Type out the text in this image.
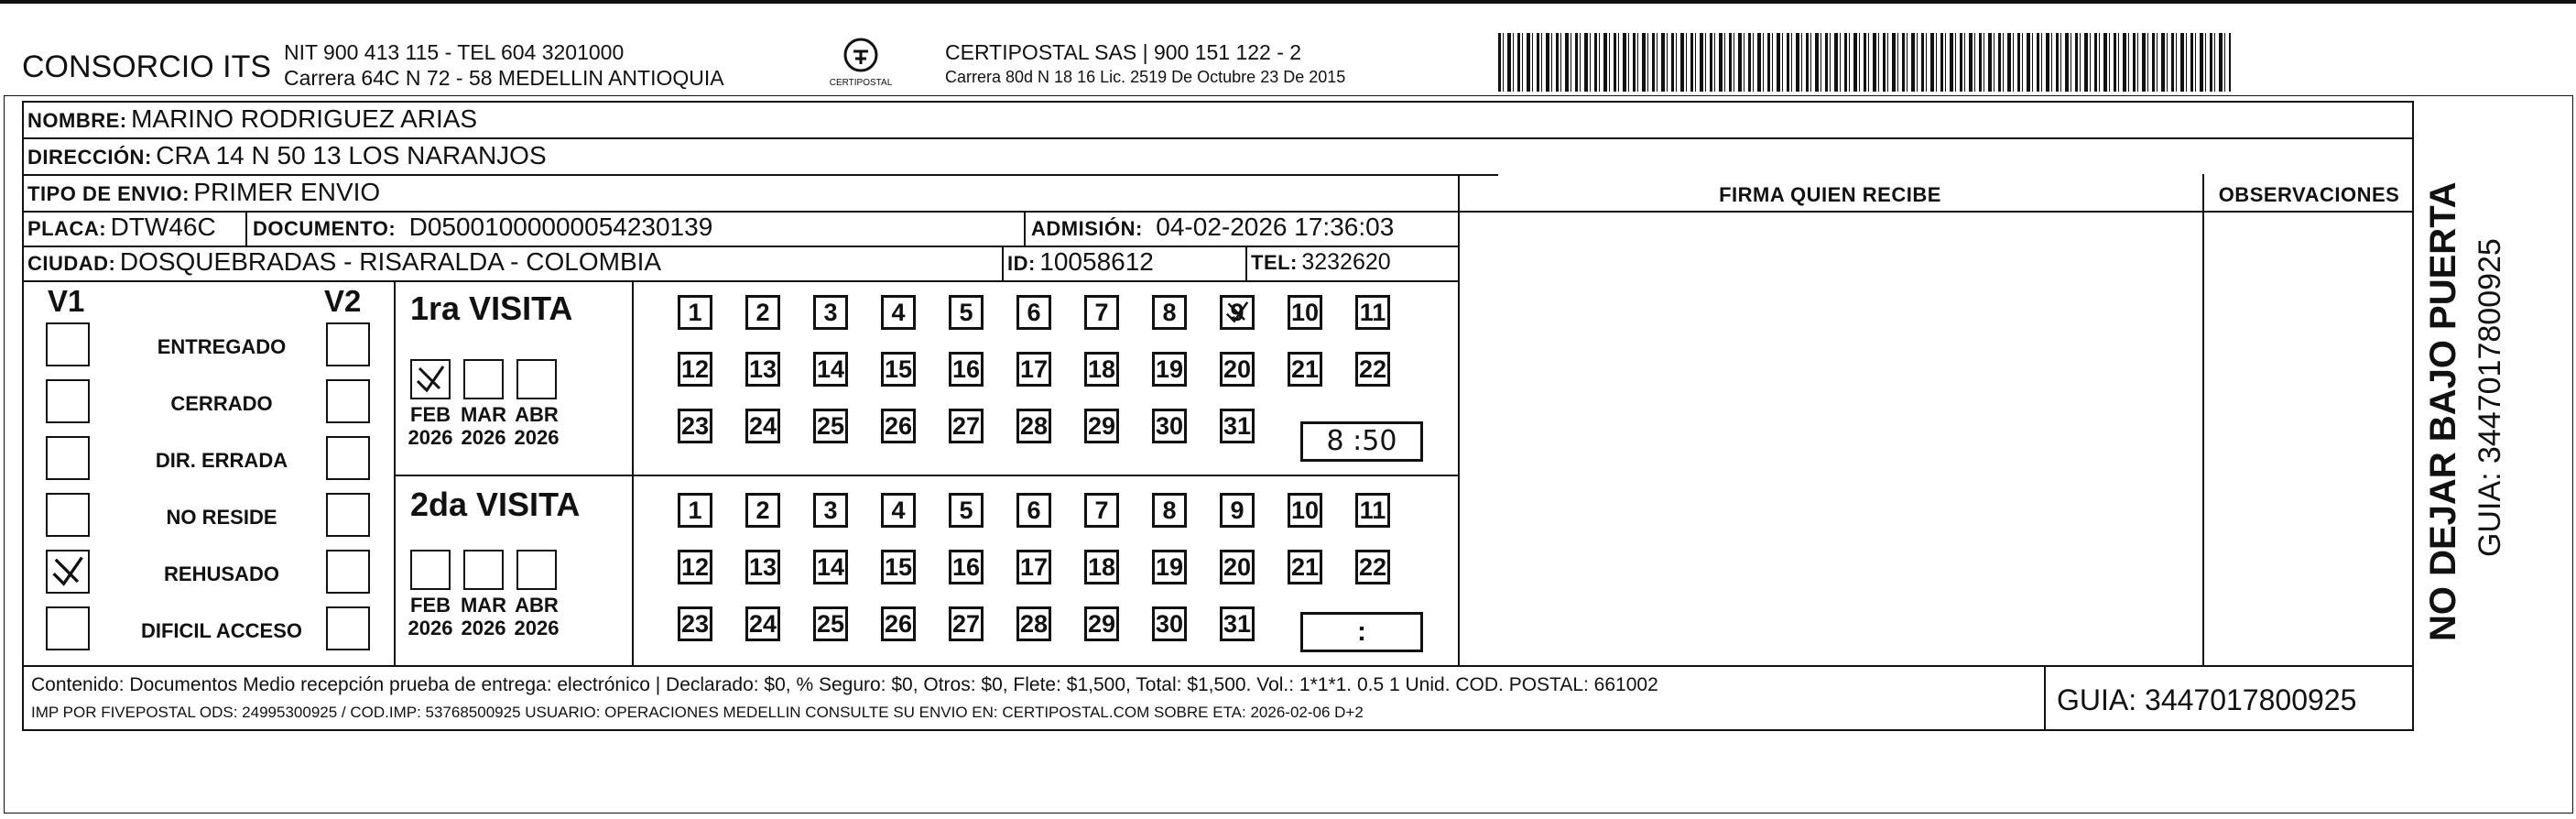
CONSORCIO ITS NIT 900 413 115 - TEL 604 3201000
Carrera 64C N 72 - 58 MEDELLIN ANTIOQUIA	CERTIPOSTAL
CERTIPOSTAL SAS | 900 151 122 - 2
Carrera 80d N 18 16 Lic. 2519 De Octubre 23 De 2015
NOMBRE: MARINO RODRIGUEZ ARIAS
DIRECCIÓN: CRA 14 N 50 13 LOS NARANJOS
TIPO DE ENVIO: PRIMER ENVIO	FIRMA QUIEN RECIBE	OBSERVACIONES
PLACA: DTW46C DOCUMENTO: D05001000000054230139	ADMISIÓN: 04-02-2026 17:36:03
CIUDAD: DOSQUEBRADAS - RISARALDA - COLOMBIA	ID: 10058612	TEL: 3232620
V1	V2
ENTREGADO
CERRADO
DIR. ERRADA
NO RESIDE
REHUSADO
DIFICIL ACCESO
1ra VISITA
2da VISITA
FEB
2026
MAR
2026
ABR
2026
FEB
2026
MAR
2026
ABR
2026
1	2	3	4	5	6	7	8	9	10 11
12 13 14 15 16 17 18 19 20 21 22
23 24 25 26 27 28 29 30 31
1	2	3	4	5	6	7	8	9	10 11
12 13 14 15 16 17 18 19 20 21 22
23 24 25 26 27 28 29 30 31
8 :50
:
Contenido: Documentos Medio recepción prueba de entrega: electrónico | Declarado: $0, % Seguro: $0, Otros: $0, Flete: $1,500, Total: $1,500. Vol.: 1*1*1. 0.5 1 Unid. COD. POSTAL: 661002
IMP POR FIVEPOSTAL ODS: 24995300925 / COD.IMP: 53768500925 USUARIO: OPERACIONES MEDELLIN CONSULTE SU ENVIO EN: CERTIPOSTAL.COM SOBRE ETA: 2026-02-06 D+2	GUIA: 3447017800925
NO DEJAR BAJO PUERTA GUIA: 3447017800925
